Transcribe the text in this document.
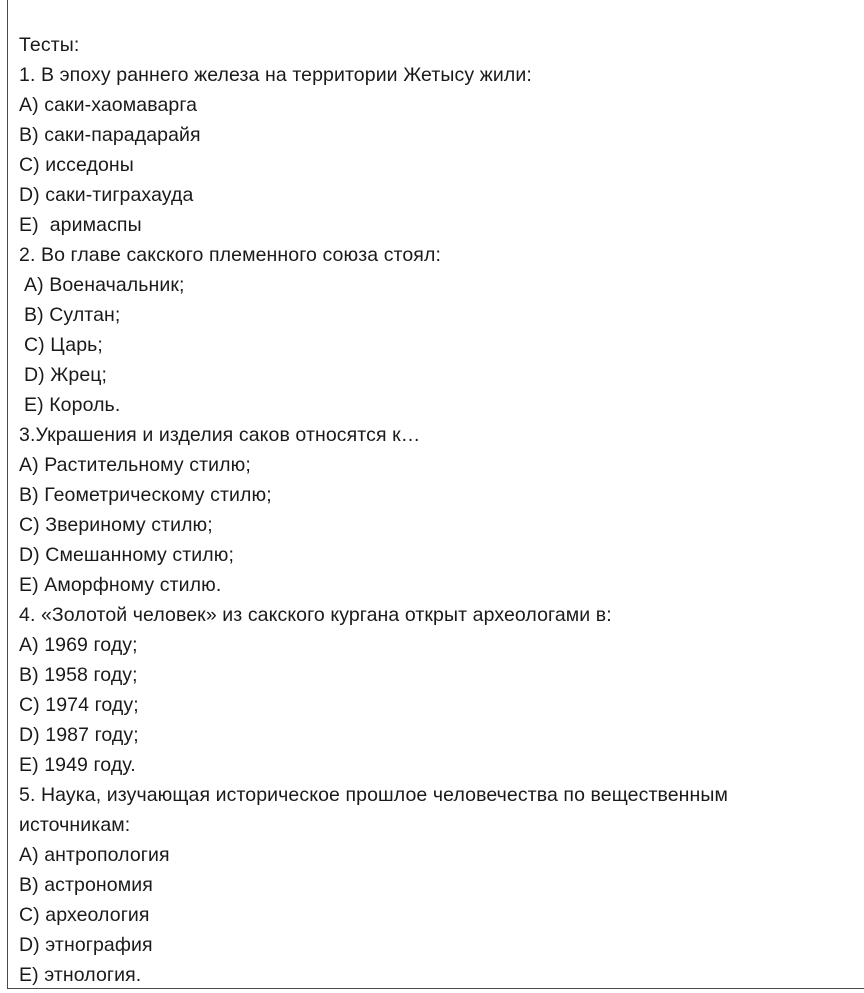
Тесты:
1. В эпоху раннего железа на территории Жетысу жили:
A) саки-хаомаварга
B) саки-парадарайя
C) исседоны
D) саки-тиграхауда
E)  аримаспы
2. Во главе сакского племенного союза стоял:
A) Военачальник;
B) Султан;
C) Царь;
D) Жрец;
E) Король.
3.Украшения и изделия саков относятся к…
A) Растительному стилю;
B) Геометрическому стилю;
C) Звериному стилю;
D) Смешанному стилю;
E) Аморфному стилю.
4. «Золотой человек» из сакского кургана открыт археологами в:
A) 1969 году;
B) 1958 году;
C) 1974 году;
D) 1987 году;
E) 1949 году.
5. Наука, изучающая историческое прошлое человечества по вещественным
источникам:
A) антропология
B) астрономия
C) археология
D) этнография
E) этнология.
